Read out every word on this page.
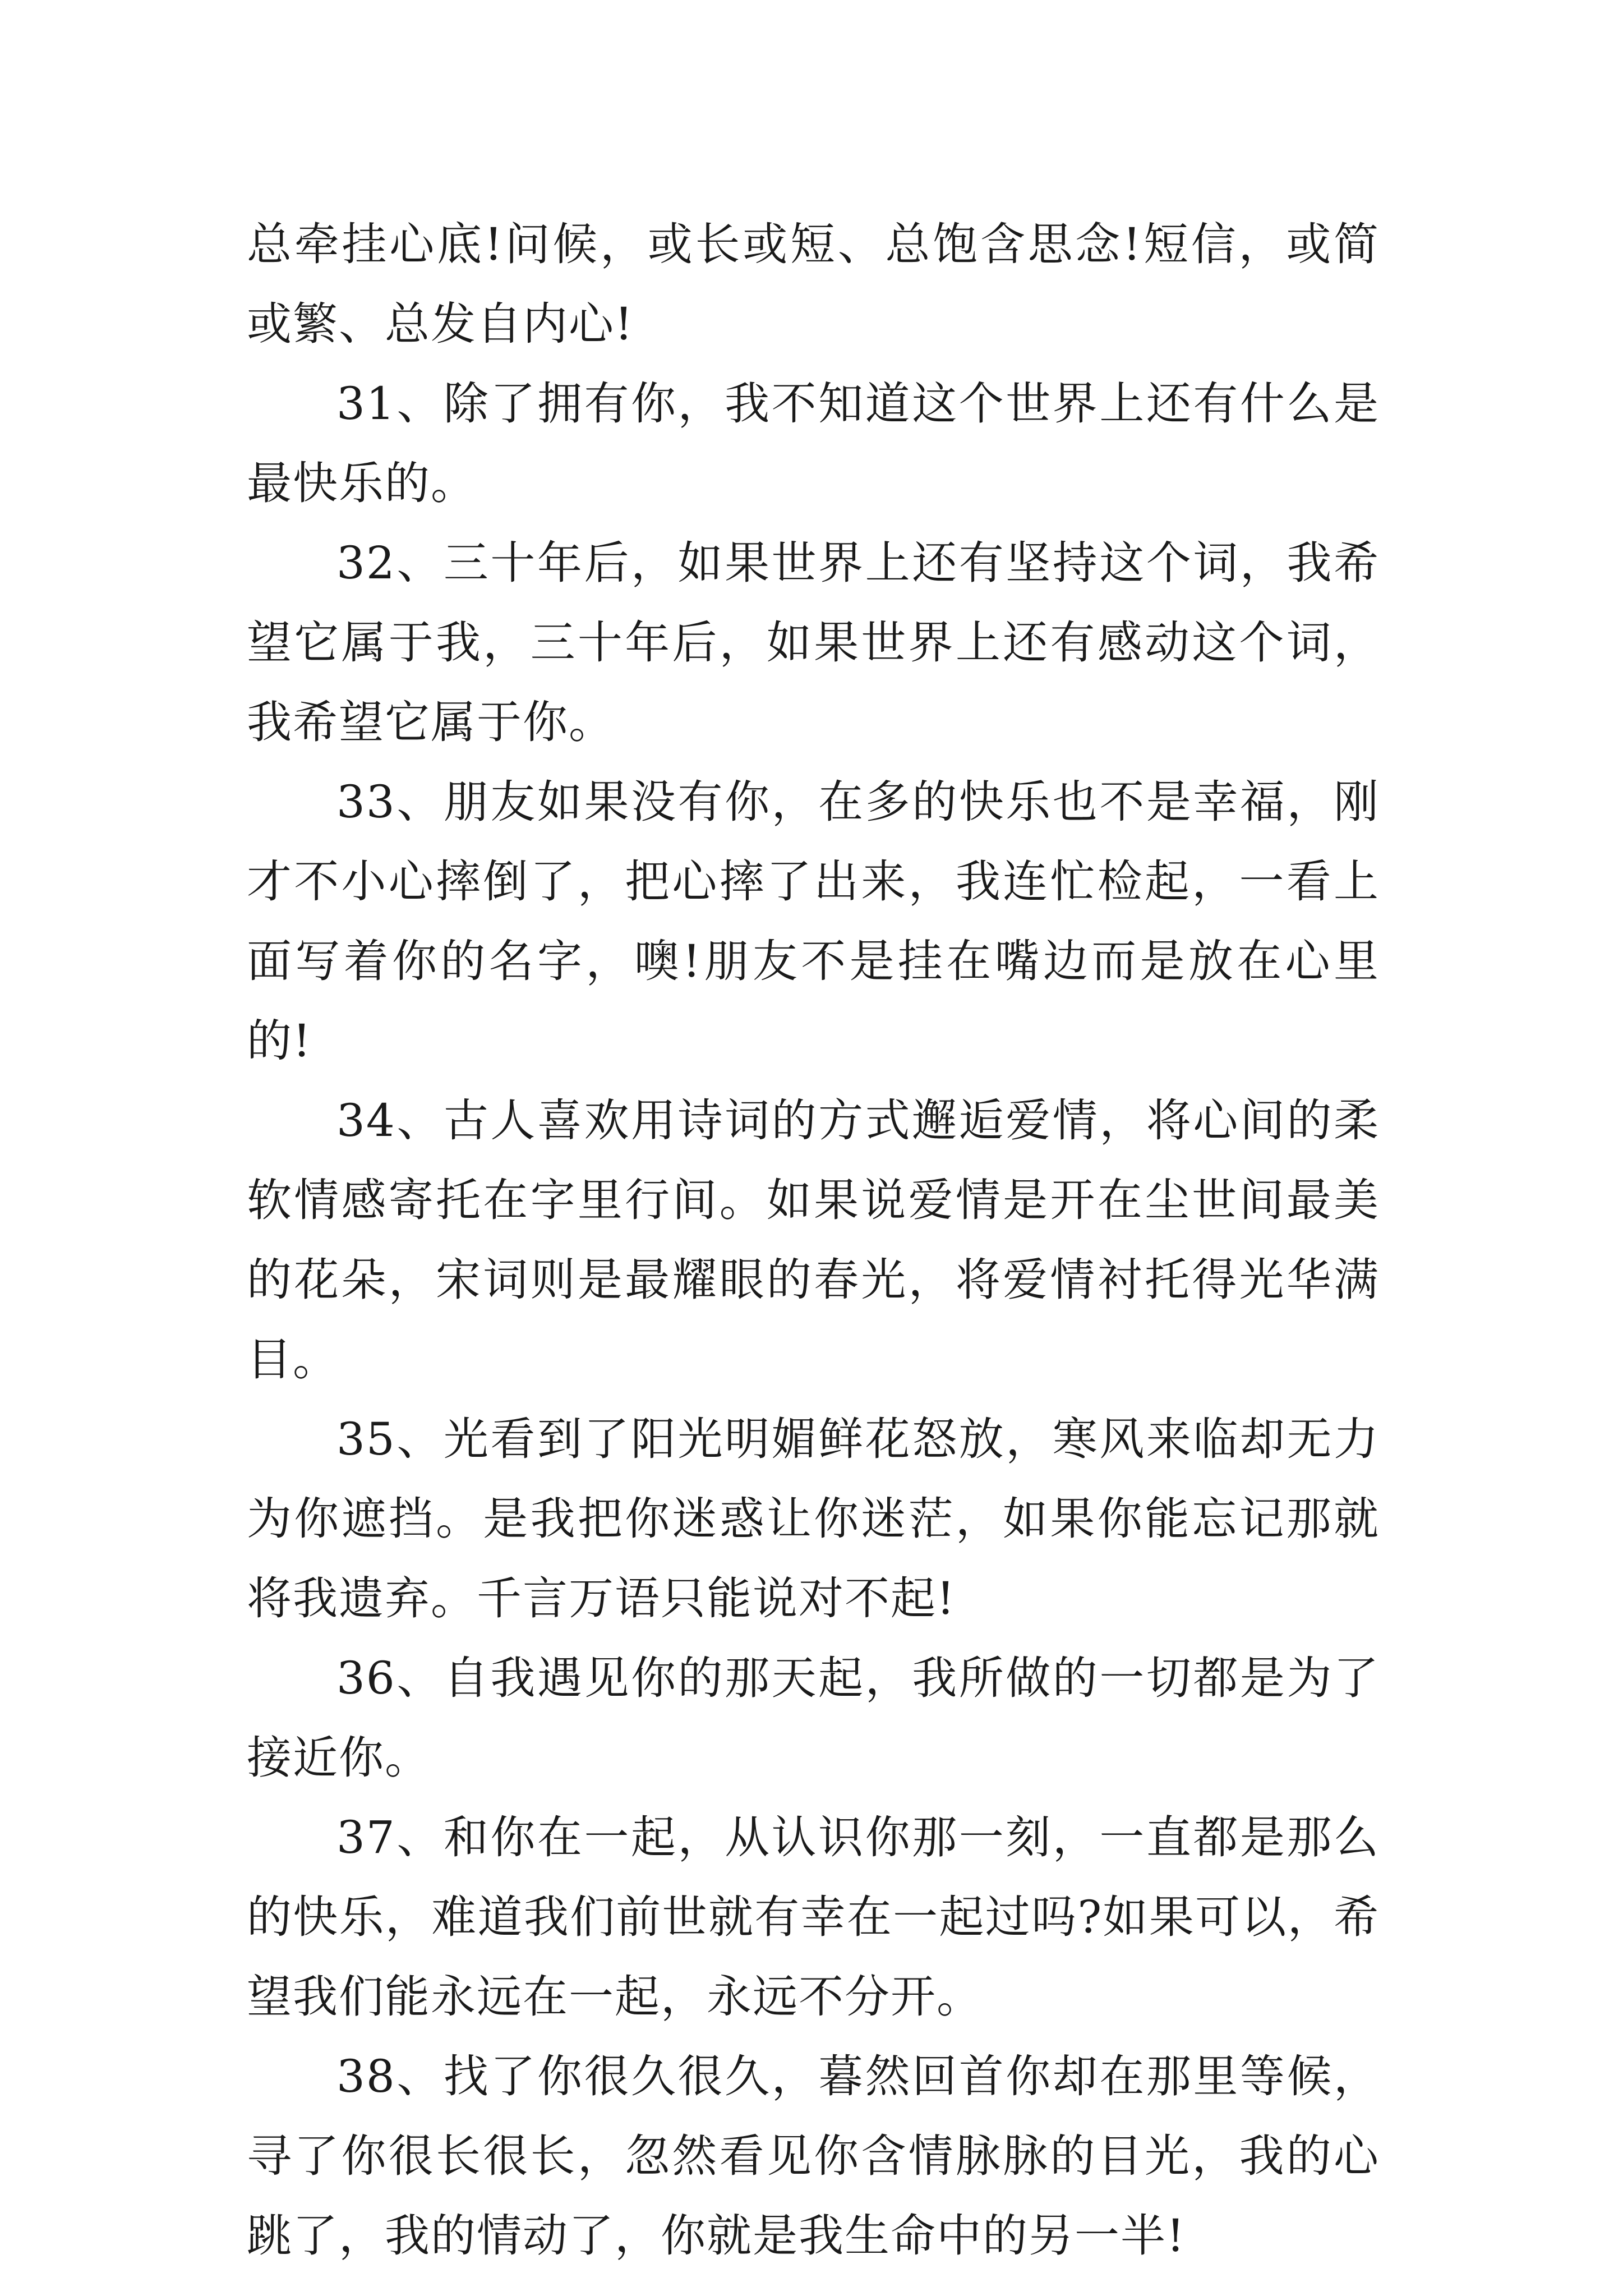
总牵挂心底!问候，或长或短、总饱含思念!短信，或简或繁、总发自内心!

31、除了拥有你，我不知道这个世界上还有什么是最快乐的。

32、三十年后，如果世界上还有坚持这个词，我希望它属于我，三十年后，如果世界上还有感动这个词，我希望它属于你。

33、朋友如果没有你，在多的快乐也不是幸福，刚才不小心摔倒了，把心摔了出来，我连忙检起，一看上面写着你的名字，噢!朋友不是挂在嘴边而是放在心里的!

34、古人喜欢用诗词的方式邂逅爱情，将心间的柔软情感寄托在字里行间。如果说爱情是开在尘世间最美的花朵，宋词则是最耀眼的春光，将爱情衬托得光华满目。

35、光看到了阳光明媚鲜花怒放，寒风来临却无力为你遮挡。是我把你迷惑让你迷茫，如果你能忘记那就将我遗弃。千言万语只能说对不起!

36、自我遇见你的那天起，我所做的一切都是为了接近你。

37、和你在一起，从认识你那一刻，一直都是那么的快乐，难道我们前世就有幸在一起过吗?如果可以，希望我们能永远在一起，永远不分开。

38、找了你很久很久，暮然回首你却在那里等候，寻了你很长很长，忽然看见你含情脉脉的目光，我的心跳了，我的情动了，你就是我生命中的另一半!
